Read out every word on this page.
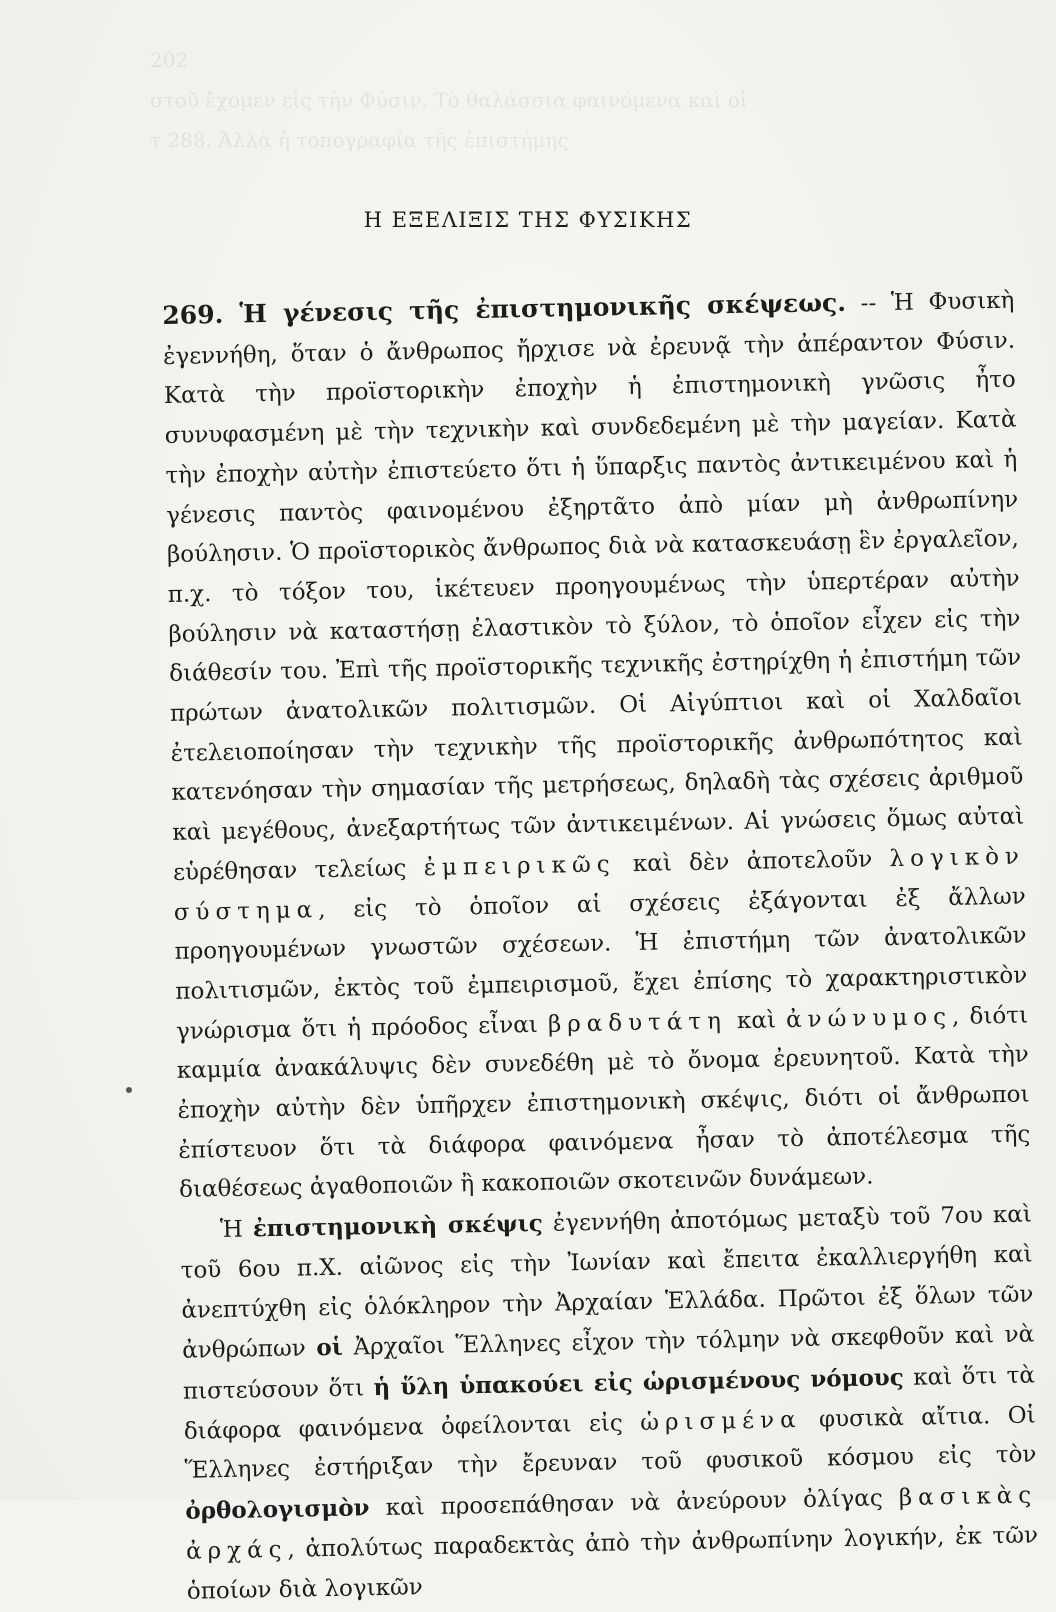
202
στοῦ ἔχομεν εἰς τὴν Φύσιν. Τὸ θαλάσσια φαινόμενα καὶ οἱ
τ 288. Ἀλλὰ ἡ τοπογραφία τῆς ἐπιστήμης
Η ΕΞΕΛΙΞΙΣ ΤΗΣ ΦΥΣΙΚΗΣ

269. Ἡ γένεσις τῆς ἐπιστημονικῆς σκέψεως. -- Ἡ Φυσικὴ ἐγεννήθη, ὅταν ὁ ἄνθρωπος ἤρχισε νὰ ἐρευνᾷ τὴν ἀπέραντον Φύσιν. Κατὰ τὴν προϊστορικὴν ἐποχὴν ἡ ἐπιστημονικὴ γνῶσις ἦτο συνυφασμένη μὲ τὴν τεχνικὴν καὶ συνδεδεμένη μὲ τὴν μαγείαν. Κατὰ τὴν ἐποχὴν αὐτὴν ἐπιστεύετο ὅτι ἡ ὕπαρξις παντὸς ἀντικειμένου καὶ ἡ γένεσις παντὸς φαινομένου ἐξηρτᾶτο ἀπὸ μίαν μὴ ἀνθρωπίνην βούλησιν. Ὁ προϊστορικὸς ἄνθρωπος διὰ νὰ κατασκευάσῃ ἓν ἐργαλεῖον, π.χ. τὸ τόξον του, ἱκέτευεν προηγουμένως τὴν ὑπερτέραν αὐτὴν βούλησιν νὰ καταστήσῃ ἐλαστικὸν τὸ ξύλον, τὸ ὁποῖον εἶχεν εἰς τὴν διάθεσίν του. Ἐπὶ τῆς προϊστορικῆς τεχνικῆς ἐστηρίχθη ἡ ἐπιστήμη τῶν πρώτων ἀνατολικῶν πολιτισμῶν. Οἱ Αἰγύπτιοι καὶ οἱ Χαλδαῖοι ἐτελειοποίησαν τὴν τεχνικὴν τῆς προϊστορικῆς ἀνθρωπότητος καὶ κατενόησαν τὴν σημασίαν τῆς μετρήσεως, δηλαδὴ τὰς σχέσεις ἀριθμοῦ καὶ μεγέθους, ἀνεξαρτήτως τῶν ἀντικειμένων. Αἱ γνώσεις ὅμως αὐταὶ εὑρέθησαν τελείως ἐμπειρικῶς καὶ δὲν ἀποτελοῦν λογικὸν σύστημα, εἰς τὸ ὁποῖον αἱ σχέσεις ἐξάγονται ἐξ ἄλλων προηγουμένων γνωστῶν σχέσεων. Ἡ ἐπιστήμη τῶν ἀνατολικῶν πολιτισμῶν, ἐκτὸς τοῦ ἐμπειρισμοῦ, ἔχει ἐπίσης τὸ χαρακτηριστικὸν γνώρισμα ὅτι ἡ πρόοδος εἶναι βραδυτάτη καὶ ἀνώνυμος, διότι καμμία ἀνακάλυψις δὲν συνεδέθη μὲ τὸ ὄνομα ἐρευνητοῦ. Κατὰ τὴν ἐποχὴν αὐτὴν δὲν ὑπῆρχεν ἐπιστημονικὴ σκέψις, διότι οἱ ἄνθρωποι ἐπίστευον ὅτι τὰ διάφορα φαινόμενα ἦσαν τὸ ἀποτέλεσμα τῆς διαθέσεως ἀγαθοποιῶν ἢ κακοποιῶν σκοτεινῶν δυνάμεων.

Ἡ ἐπιστημονικὴ σκέψις ἐγεννήθη ἀποτόμως μεταξὺ τοῦ 7ου καὶ τοῦ 6ου π.Χ. αἰῶνος εἰς τὴν Ἰωνίαν καὶ ἔπειτα ἐκαλλιεργήθη καὶ ἀνεπτύχθη εἰς ὁλόκληρον τὴν Ἀρχαίαν Ἑλλάδα. Πρῶτοι ἐξ ὅλων τῶν ἀνθρώπων οἱ Ἀρχαῖοι Ἕλληνες εἶχον τὴν τόλμην νὰ σκεφθοῦν καὶ νὰ πιστεύσουν ὅτι ἡ ὕλη ὑπακούει εἰς ὡρισμένους νόμους καὶ ὅτι τὰ διάφορα φαινόμενα ὀφείλονται εἰς ὡρισμένα φυσικὰ αἴτια. Οἱ Ἕλληνες ἐστήριξαν τὴν ἔρευναν τοῦ φυσικοῦ κόσμου εἰς τὸν ὀρθολογισμὸν καὶ προσεπάθησαν νὰ ἀνεύρουν ὀλίγας βασικὰς ἀρχάς, ἀπολύτως παραδεκτὰς ἀπὸ τὴν ἀνθρωπίνην λογικήν, ἐκ τῶν ὁποίων διὰ λογικῶν
